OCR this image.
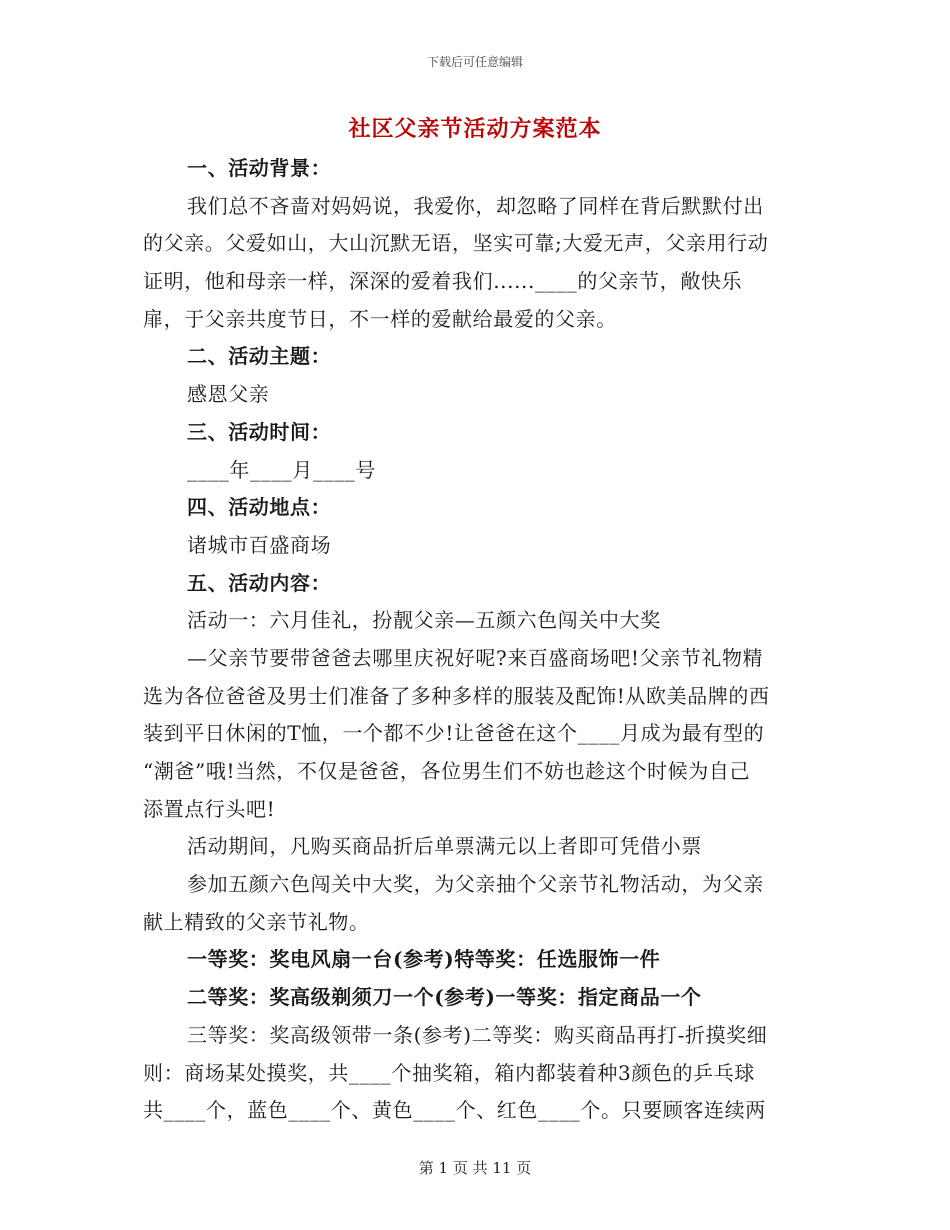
下载后可任意编辑
社区父亲节活动方案范本
一、活动背景：
我们总不吝啬对妈妈说，我爱你，却忽略了同样在背后默默付出
的父亲。父爱如山，大山沉默无语，坚实可靠;大爱无声，父亲用行动
证明，他和母亲一样，深深的爱着我们......____的父亲节，敞快乐
扉，于父亲共度节日，不一样的爱献给最爱的父亲。
二、活动主题：
感恩父亲
三、活动时间：
____年____月____号
四、活动地点：
诸城市百盛商场
五、活动内容：
活动一：六月佳礼，扮靓父亲—五颜六色闯关中大奖
—父亲节要带爸爸去哪里庆祝好呢?来百盛商场吧!父亲节礼物精
选为各位爸爸及男士们准备了多种多样的服装及配饰!从欧美品牌的西
装到平日休闲的T恤，一个都不少!让爸爸在这个____月成为最有型的
“潮爸”哦!当然，不仅是爸爸，各位男生们不妨也趁这个时候为自己
添置点行头吧!
活动期间，凡购买商品折后单票满元以上者即可凭借小票
参加五颜六色闯关中大奖，为父亲抽个父亲节礼物活动，为父亲
献上精致的父亲节礼物。
一等奖：奖电风扇一台(参考)特等奖：任选服饰一件
二等奖：奖高级剃须刀一个(参考)一等奖：指定商品一个
三等奖：奖高级领带一条(参考)二等奖：购买商品再打-折摸奖细
则：商场某处摸奖，共____个抽奖箱，箱内都装着种3颜色的乒乓球
共____个，蓝色____个、黄色____个、红色____个。只要顾客连续两
第 1 页 共 11 页
